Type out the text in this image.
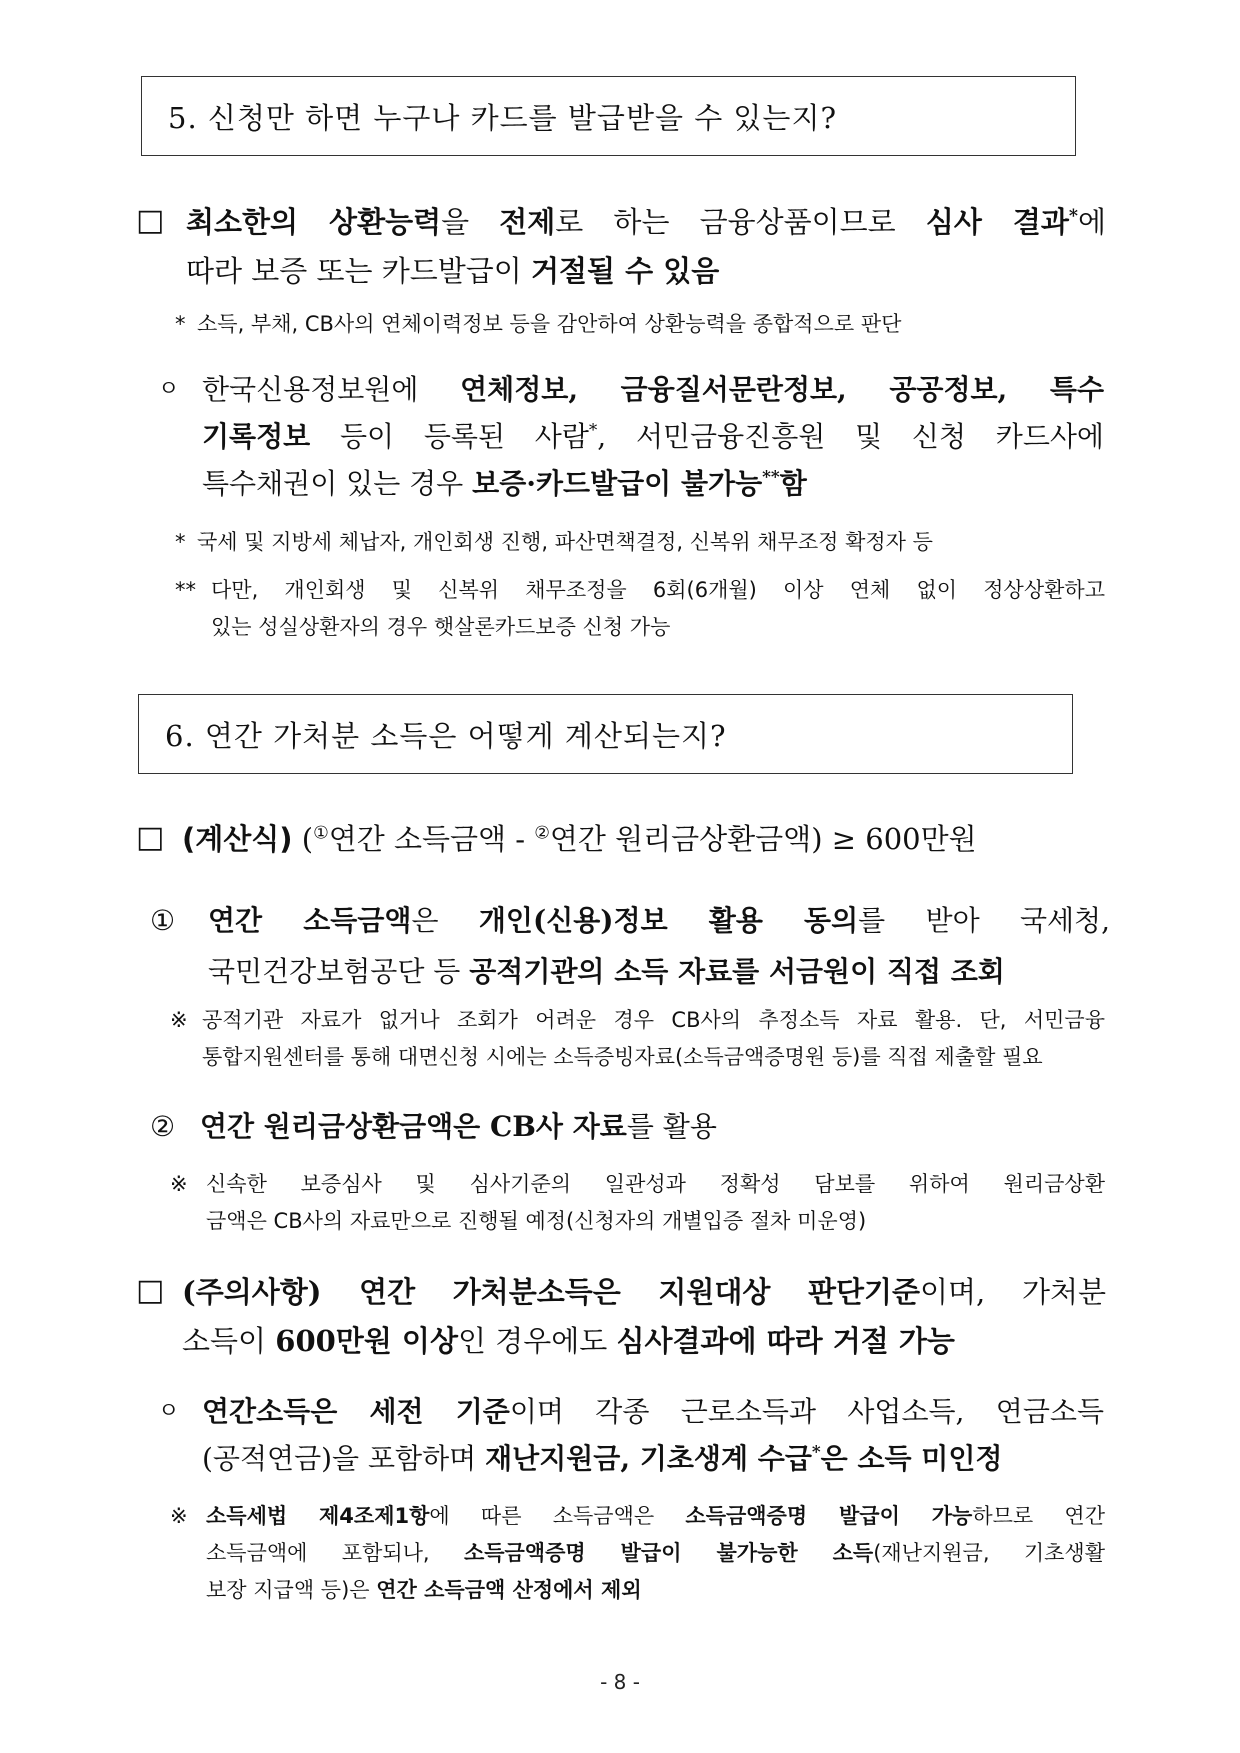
5. 신청만 하면 누구나 카드를 발급받을 수 있는지?
□ 최소한의 상환능력을 전제로 하는 금융상품이므로 심사 결과*에
따라 보증 또는 카드발급이 거절될 수 있음
* 소득, 부채, CB사의 연체이력정보 등을 감안하여 상환능력을 종합적으로 판단
ㅇ 한국신용정보원에 연체정보, 금융질서문란정보, 공공정보, 특수
기록정보 등이 등록된 사람*, 서민금융진흥원 및 신청 카드사에
특수채권이 있는 경우 보증·카드발급이 불가능**함
* 국세 및 지방세 체납자, 개인회생 진행, 파산면책결정, 신복위 채무조정 확정자 등
** 다만, 개인회생 및 신복위 채무조정을 6회(6개월) 이상 연체 없이 정상상환하고
있는 성실상환자의 경우 햇살론카드보증 신청 가능
6. 연간 가처분 소득은 어떻게 계산되는지?
□ (계산식) (①연간 소득금액 - ②연간 원리금상환금액) ≥ 600만원
① 연간 소득금액은 개인(신용)정보 활용 동의를 받아 국세청,
국민건강보험공단 등 공적기관의 소득 자료를 서금원이 직접 조회
※ 공적기관 자료가 없거나 조회가 어려운 경우 CB사의 추정소득 자료 활용. 단, 서민금융
통합지원센터를 통해 대면신청 시에는 소득증빙자료(소득금액증명원 등)를 직접 제출할 필요
② 연간 원리금상환금액은 CB사 자료를 활용
※ 신속한 보증심사 및 심사기준의 일관성과 정확성 담보를 위하여 원리금상환
금액은 CB사의 자료만으로 진행될 예정(신청자의 개별입증 절차 미운영)
□ (주의사항) 연간 가처분소득은 지원대상 판단기준이며, 가처분
소득이 600만원 이상인 경우에도 심사결과에 따라 거절 가능
ㅇ 연간소득은 세전 기준이며 각종 근로소득과 사업소득, 연금소득
(공적연금)을 포함하며 재난지원금, 기초생계 수급*은 소득 미인정
※ 소득세법 제4조제1항에 따른 소득금액은 소득금액증명 발급이 가능하므로 연간
소득금액에 포함되나, 소득금액증명 발급이 불가능한 소득(재난지원금, 기초생활
보장 지급액 등)은 연간 소득금액 산정에서 제외
- 8 -
